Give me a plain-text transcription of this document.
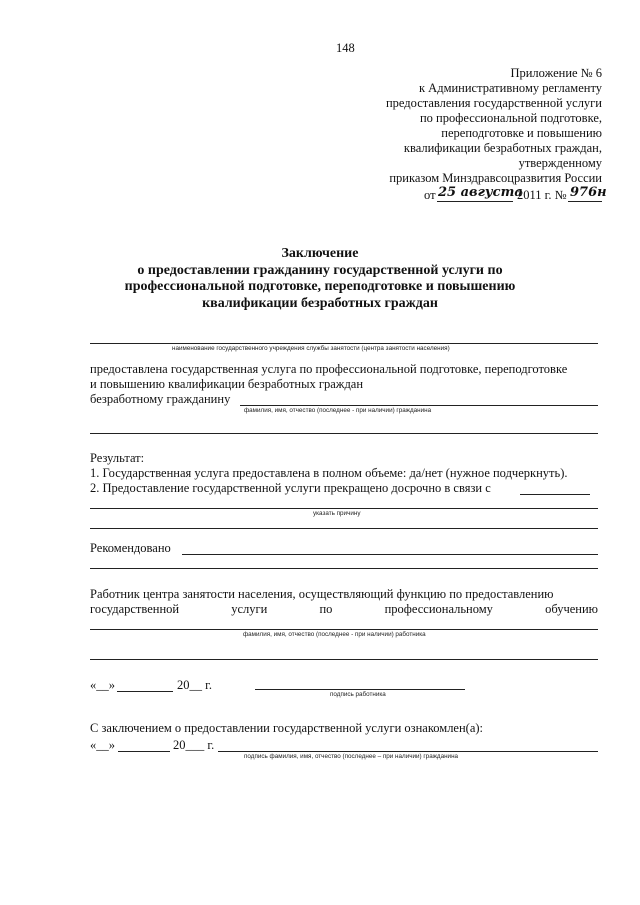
148
Приложение № 6
к Административному регламенту
предоставления государственной услуги
по профессиональной подготовке,
переподготовке и повышению
квалификации безработных граждан,
утвержденному
приказом Минздравсоцразвития России
от 25 августа
2011 г. № 976н
Заключение
о предоставлении гражданину государственной услуги по
профессиональной подготовке, переподготовке и повышению
квалификации безработных граждан
наименование государственного учреждения службы занятости (центра занятости населения)
предоставлена государственная услуга по профессиональной подготовке, переподготовке
и повышению квалификации безработных граждан
безработному гражданину
фамилия, имя, отчество (последнее - при наличии) гражданина
Результат:
1. Государственная услуга предоставлена в полном объеме: да/нет (нужное подчеркнуть).
2. Предоставление государственной услуги прекращено досрочно в связи с
указать причину
Рекомендовано
Работник центра занятости населения, осуществляющий функцию по предоставлению
государственной	услуги	по	профессиональному	обучению
фамилия, имя, отчество (последнее - при наличии) работника
«__»	20__ г.
подпись работника
С заключением о предоставлении государственной услуги ознакомлен(а):
«__»	20___ г.
подпись фамилия, имя, отчество (последнее – при наличии) гражданина
